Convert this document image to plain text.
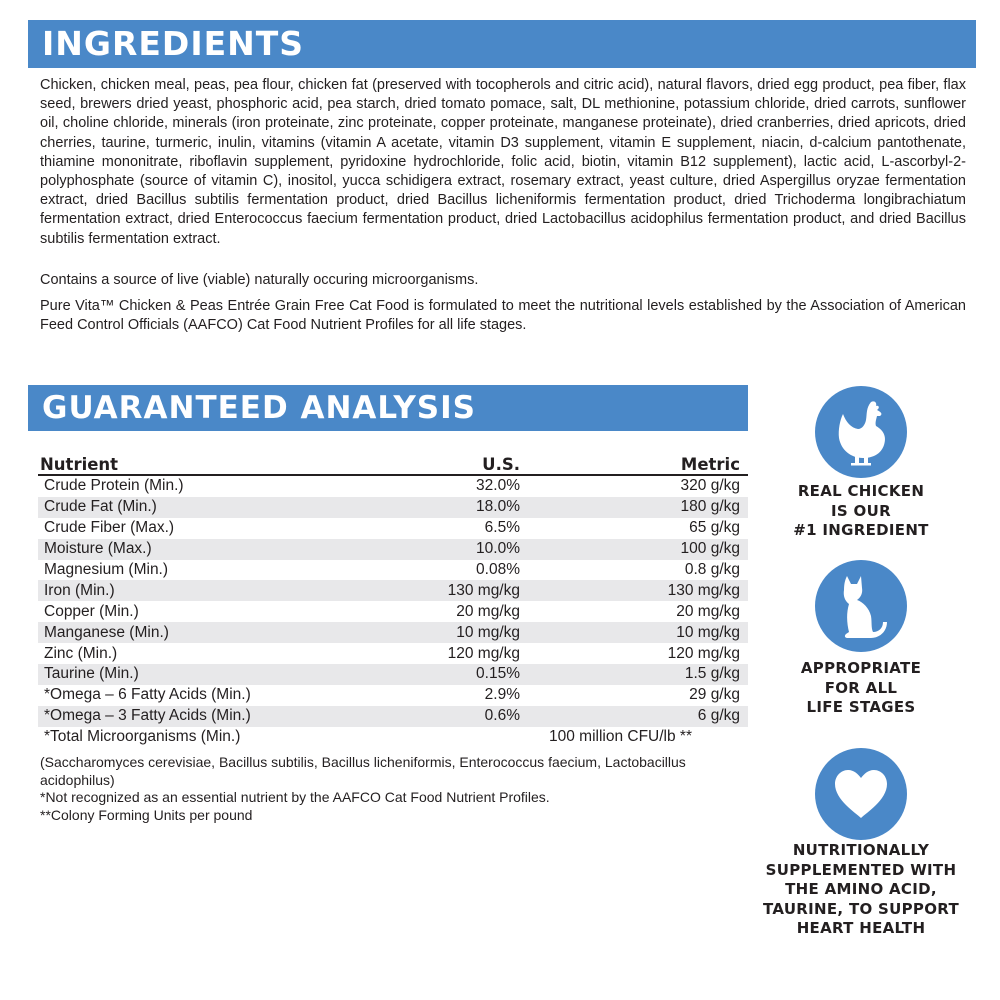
INGREDIENTS

Chicken, chicken meal, peas, pea flour, chicken fat (preserved with tocopherols and citric acid), natural flavors, dried egg product, pea fiber, flax seed, brewers dried yeast, phosphoric acid, pea starch, dried tomato pomace, salt, DL methionine, potassium chloride, dried carrots, sunflower oil, choline chloride, minerals (iron proteinate, zinc proteinate, copper proteinate, manganese proteinate), dried cranberries, dried apricots, dried cherries, taurine, turmeric, inulin, vitamins (vitamin A acetate, vitamin D3 supplement, vitamin E supplement, niacin, d-calcium pantothenate, thiamine mononitrate, riboflavin supplement, pyridoxine hydrochloride, folic acid, biotin, vitamin B12 supplement), lactic acid, L-ascorbyl-2-polyphosphate (source of vitamin C), inositol, yucca schidigera extract, rosemary extract, yeast culture, dried Aspergillus oryzae fermentation extract, dried Bacillus subtilis fermentation product, dried Bacillus licheniformis fermentation product, dried Trichoderma longibrachiatum fermentation extract, dried Enterococcus faecium fermentation product, dried Lactobacillus acidophilus fermentation product, and dried Bacillus subtilis fermentation extract.

Contains a source of live (viable) naturally occuring microorganisms.

Pure Vita™ Chicken & Peas Entrée Grain Free Cat Food is formulated to meet the nutritional levels established by the Association of American Feed Control Officials (AAFCO) Cat Food Nutrient Profiles for all life stages.

GUARANTEED ANALYSIS
Nutrient	U.S.	Metric
Crude Protein (Min.)	32.0%	320 g/kg
Crude Fat (Min.)	18.0%	180 g/kg
Crude Fiber (Max.)	6.5%	65 g/kg
Moisture (Max.)	10.0%	100 g/kg
Magnesium (Min.)	0.08%	0.8 g/kg
Iron (Min.)	130 mg/kg	130 mg/kg
Copper (Min.)	20 mg/kg	20 mg/kg
Manganese (Min.)	10 mg/kg	10 mg/kg
Zinc (Min.)	120 mg/kg	120 mg/kg
Taurine (Min.)	0.15%	1.5 g/kg
*Omega – 6 Fatty Acids (Min.)	2.9%	29 g/kg
*Omega – 3 Fatty Acids (Min.)	0.6%	6 g/kg
*Total Microorganisms (Min.)	100 million CFU/lb **	
(Saccharomyces cerevisiae, Bacillus subtilis, Bacillus licheniformis, Enterococcus faecium, Lactobacillus acidophilus)
*Not recognized as an essential nutrient by the AAFCO Cat Food Nutrient Profiles.
**Colony Forming Units per pound
REAL CHICKEN
IS OUR
#1 INGREDIENT
APPROPRIATE
FOR ALL
LIFE STAGES
NUTRITIONALLY
SUPPLEMENTED WITH
THE AMINO ACID,
TAURINE, TO SUPPORT
HEART HEALTH
